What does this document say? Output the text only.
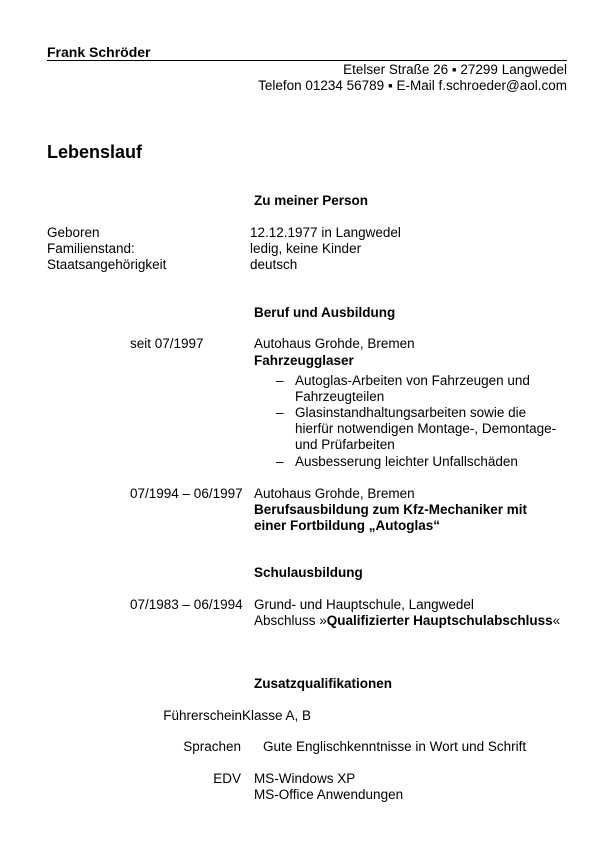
Frank Schröder
Etelser Straße 26 ▪ 27299 Langwedel
Telefon 01234 56789 ▪ E-Mail f.schroeder@aol.com
Lebenslauf
Zu meiner Person
Geboren	12.12.1977 in Langwedel
Familienstand:	ledig, keine Kinder
Staatsangehörigkeit	deutsch
Beruf und Ausbildung
seit 07/1997	Autohaus Grohde, Bremen
Fahrzeugglaser
– Autoglas-Arbeiten von Fahrzeugen und
Fahrzeugteilen
– Glasinstandhaltungsarbeiten sowie die
hierfür notwendigen Montage-, Demontage-
und Prüfarbeiten
– Ausbesserung leichter Unfallschäden
07/1994 – 06/1997 Autohaus Grohde, Bremen
Berufsausbildung zum Kfz-Mechaniker mit
einer Fortbildung „Autoglas“
Schulausbildung
07/1983 – 06/1994 Grund- und Hauptschule, Langwedel
Abschluss »Qualifizierter Hauptschulabschluss«
Zusatzqualifikationen
Führerschein Klasse A, B
Sprachen Gute Englischkenntnisse in Wort und Schrift
EDV MS-Windows XP
MS-Office Anwendungen
